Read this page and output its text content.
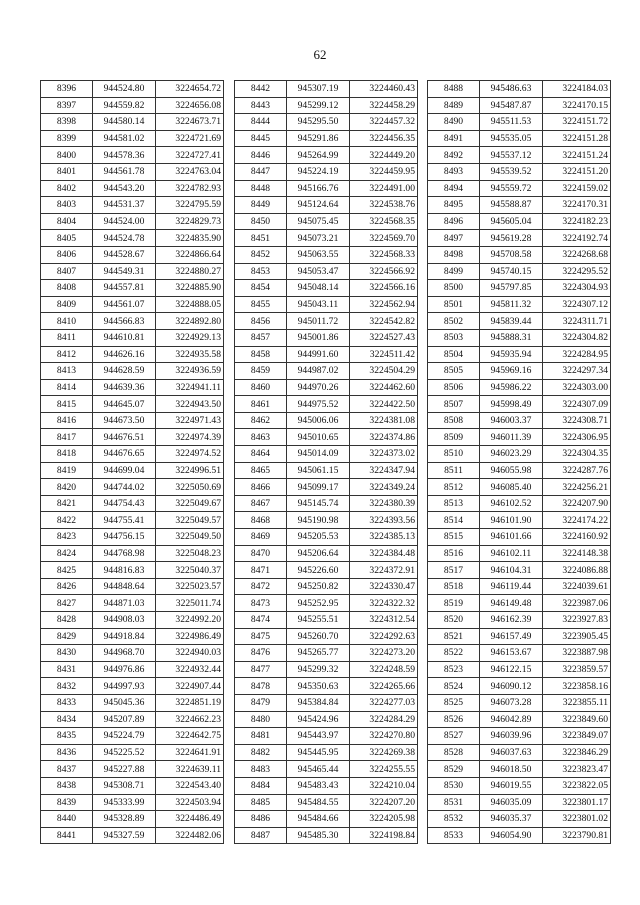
62
8396	944524.80	3224654.72
8397	944559.82	3224656.08
8398	944580.14	3224673.71
8399	944581.02	3224721.69
8400	944578.36	3224727.41
8401	944561.78	3224763.04
8402	944543.20	3224782.93
8403	944531.37	3224795.59
8404	944524.00	3224829.73
8405	944524.78	3224835.90
8406	944528.67	3224866.64
8407	944549.31	3224880.27
8408	944557.81	3224885.90
8409	944561.07	3224888.05
8410	944566.83	3224892.80
8411	944610.81	3224929.13
8412	944626.16	3224935.58
8413	944628.59	3224936.59
8414	944639.36	3224941.11
8415	944645.07	3224943.50
8416	944673.50	3224971.43
8417	944676.51	3224974.39
8418	944676.65	3224974.52
8419	944699.04	3224996.51
8420	944744.02	3225050.69
8421	944754.43	3225049.67
8422	944755.41	3225049.57
8423	944756.15	3225049.50
8424	944768.98	3225048.23
8425	944816.83	3225040.37
8426	944848.64	3225023.57
8427	944871.03	3225011.74
8428	944908.03	3224992.20
8429	944918.84	3224986.49
8430	944968.70	3224940.03
8431	944976.86	3224932.44
8432	944997.93	3224907.44
8433	945045.36	3224851.19
8434	945207.89	3224662.23
8435	945224.79	3224642.75
8436	945225.52	3224641.91
8437	945227.88	3224639.11
8438	945308.71	3224543.40
8439	945333.99	3224503.94
8440	945328.89	3224486.49
8441	945327.59	3224482.06
8442	945307.19	3224460.43
8443	945299.12	3224458.29
8444	945295.50	3224457.32
8445	945291.86	3224456.35
8446	945264.99	3224449.20
8447	945224.19	3224459.95
8448	945166.76	3224491.00
8449	945124.64	3224538.76
8450	945075.45	3224568.35
8451	945073.21	3224569.70
8452	945063.55	3224568.33
8453	945053.47	3224566.92
8454	945048.14	3224566.16
8455	945043.11	3224562.94
8456	945011.72	3224542.82
8457	945001.86	3224527.43
8458	944991.60	3224511.42
8459	944987.02	3224504.29
8460	944970.26	3224462.60
8461	944975.52	3224422.50
8462	945006.06	3224381.08
8463	945010.65	3224374.86
8464	945014.09	3224373.02
8465	945061.15	3224347.94
8466	945099.17	3224349.24
8467	945145.74	3224380.39
8468	945190.98	3224393.56
8469	945205.53	3224385.13
8470	945206.64	3224384.48
8471	945226.60	3224372.91
8472	945250.82	3224330.47
8473	945252.95	3224322.32
8474	945255.51	3224312.54
8475	945260.70	3224292.63
8476	945265.77	3224273.20
8477	945299.32	3224248.59
8478	945350.63	3224265.66
8479	945384.84	3224277.03
8480	945424.96	3224284.29
8481	945443.97	3224270.80
8482	945445.95	3224269.38
8483	945465.44	3224255.55
8484	945483.43	3224210.04
8485	945484.55	3224207.20
8486	945484.66	3224205.98
8487	945485.30	3224198.84
8488	945486.63	3224184.03
8489	945487.87	3224170.15
8490	945511.53	3224151.72
8491	945535.05	3224151.28
8492	945537.12	3224151.24
8493	945539.52	3224151.20
8494	945559.72	3224159.02
8495	945588.87	3224170.31
8496	945605.04	3224182.23
8497	945619.28	3224192.74
8498	945708.58	3224268.68
8499	945740.15	3224295.52
8500	945797.85	3224304.93
8501	945811.32	3224307.12
8502	945839.44	3224311.71
8503	945888.31	3224304.82
8504	945935.94	3224284.95
8505	945969.16	3224297.34
8506	945986.22	3224303.00
8507	945998.49	3224307.09
8508	946003.37	3224308.71
8509	946011.39	3224306.95
8510	946023.29	3224304.35
8511	946055.98	3224287.76
8512	946085.40	3224256.21
8513	946102.52	3224207.90
8514	946101.90	3224174.22
8515	946101.66	3224160.92
8516	946102.11	3224148.38
8517	946104.31	3224086.88
8518	946119.44	3224039.61
8519	946149.48	3223987.06
8520	946162.39	3223927.83
8521	946157.49	3223905.45
8522	946153.67	3223887.98
8523	946122.15	3223859.57
8524	946090.12	3223858.16
8525	946073.28	3223855.11
8526	946042.89	3223849.60
8527	946039.96	3223849.07
8528	946037.63	3223846.29
8529	946018.50	3223823.47
8530	946019.55	3223822.05
8531	946035.09	3223801.17
8532	946035.37	3223801.02
8533	946054.90	3223790.81
